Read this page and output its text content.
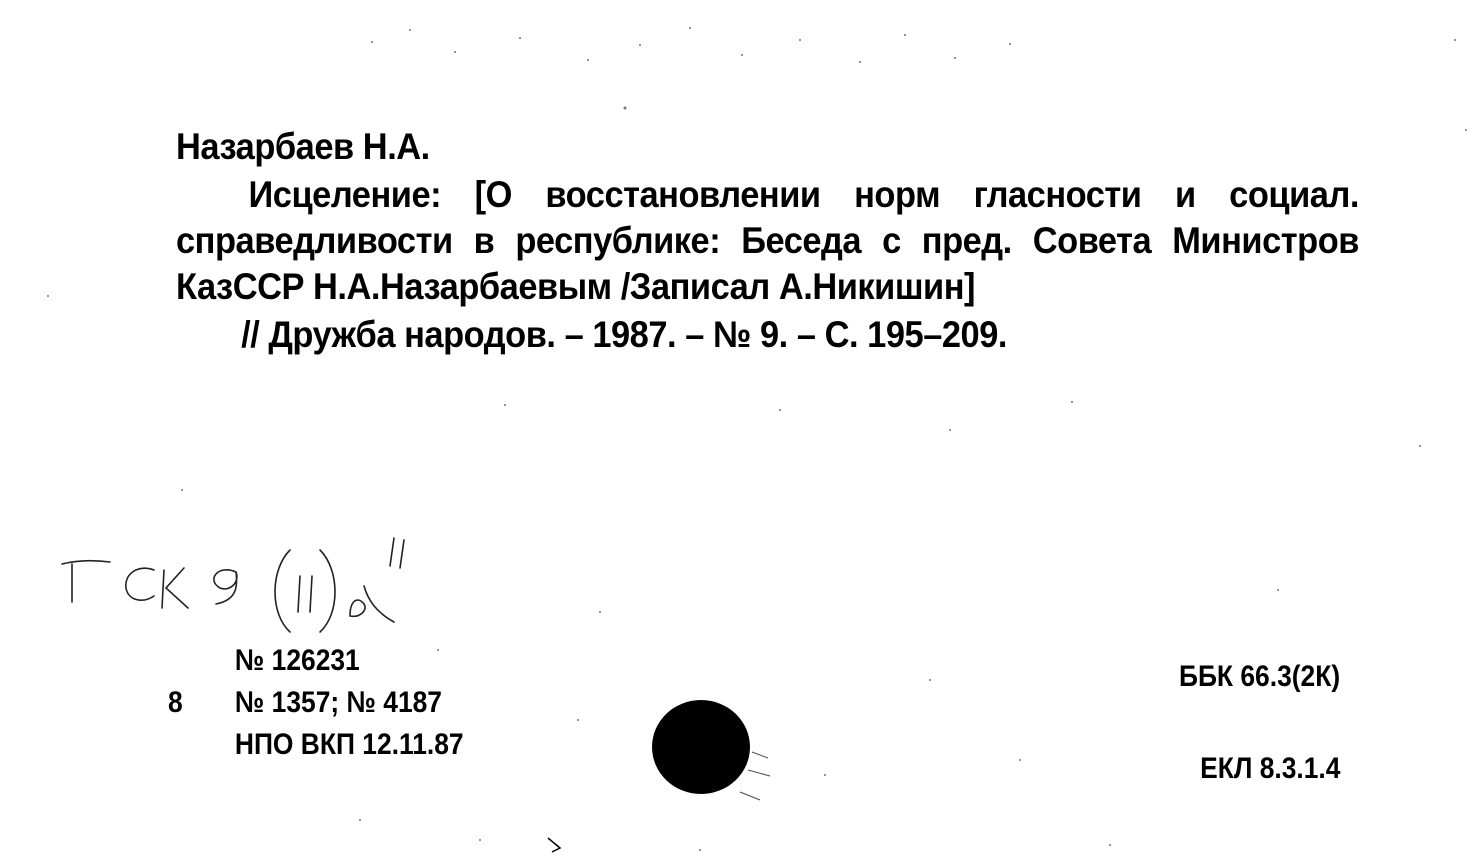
Назарбаев Н.А.
Исцеление: [О восстановлении норм гласности и социал. справедливости в республике: Беседа с пред. Совета Министров КазССР Н.А.Назарбаевым /Записал А.Никишин]
// Дружба народов. – 1987. – № 9. – С. 195–209.
№ 126231
8	№ 1357; № 4187
НПО ВКП 12.11.87
ББК 66.3(2К)
ЕКЛ 8.3.1.4
